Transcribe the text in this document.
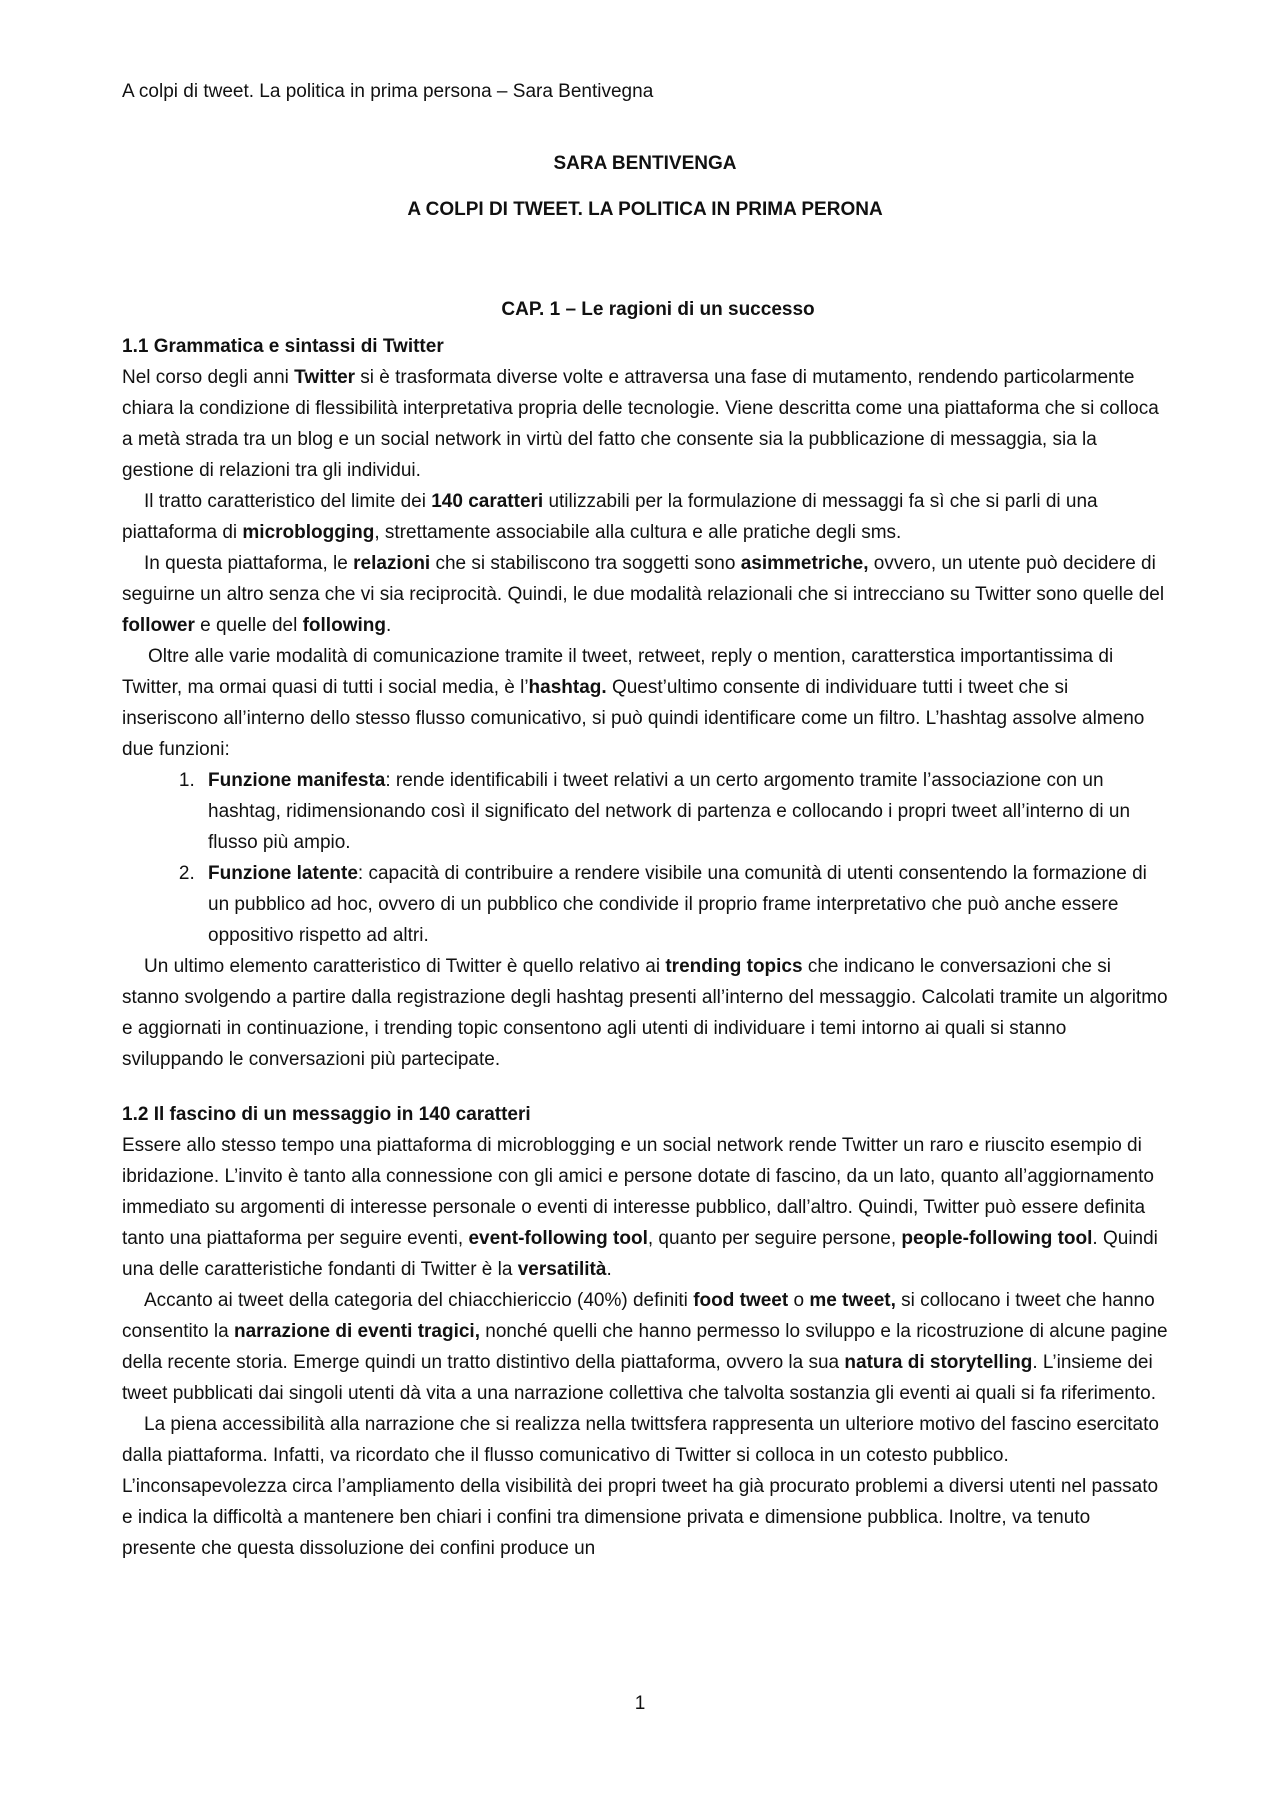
A colpi di tweet. La politica in prima persona – Sara Bentivegna

SARA BENTIVENGA

A COLPI DI TWEET. LA POLITICA IN PRIMA PERONA

CAP. 1 – Le ragioni di un successo

1.1 Grammatica e sintassi di Twitter

Nel corso degli anni Twitter si è trasformata diverse volte e attraversa una fase di mutamento, rendendo particolarmente chiara la condizione di flessibilità interpretativa propria delle tecnologie. Viene descritta come una piattaforma che si colloca a metà strada tra un blog e un social network in virtù del fatto che consente sia la pubblicazione di messaggia, sia la gestione di relazioni tra gli individui.

Il tratto caratteristico del limite dei 140 caratteri utilizzabili per la formulazione di messaggi fa sì che si parli di una piattaforma di microblogging, strettamente associabile alla cultura e alle pratiche degli sms.

In questa piattaforma, le relazioni che si stabiliscono tra soggetti sono asimmetriche, ovvero, un utente può decidere di seguirne un altro senza che vi sia reciprocità. Quindi, le due modalità relazionali che si intrecciano su Twitter sono quelle del follower e quelle del following.

Oltre alle varie modalità di comunicazione tramite il tweet, retweet, reply o mention, caratterstica importantissima di Twitter, ma ormai quasi di tutti i social media, è l’hashtag. Quest’ultimo consente di individuare tutti i tweet che si inseriscono all’interno dello stesso flusso comunicativo, si può quindi identificare come un filtro. L’hashtag assolve almeno due funzioni:

1. Funzione manifesta: rende identificabili i tweet relativi a un certo argomento tramite l’associazione con un hashtag, ridimensionando così il significato del network di partenza e collocando i propri tweet all’interno di un flusso più ampio.
2. Funzione latente: capacità di contribuire a rendere visibile una comunità di utenti consentendo la formazione di un pubblico ad hoc, ovvero di un pubblico che condivide il proprio frame interpretativo che può anche essere oppositivo rispetto ad altri.

Un ultimo elemento caratteristico di Twitter è quello relativo ai trending topics che indicano le conversazioni che si stanno svolgendo a partire dalla registrazione degli hashtag presenti all’interno del messaggio. Calcolati tramite un algoritmo e aggiornati in continuazione, i trending topic consentono agli utenti di individuare i temi intorno ai quali si stanno sviluppando le conversazioni più partecipate.

1.2 Il fascino di un messaggio in 140 caratteri

Essere allo stesso tempo una piattaforma di microblogging e un social network rende Twitter un raro e riuscito esempio di ibridazione. L’invito è tanto alla connessione con gli amici e persone dotate di fascino, da un lato, quanto all’aggiornamento immediato su argomenti di interesse personale o eventi di interesse pubblico, dall’altro. Quindi, Twitter può essere definita tanto una piattaforma per seguire eventi, event-following tool, quanto per seguire persone, people-following tool. Quindi una delle caratteristiche fondanti di Twitter è la versatilità.

Accanto ai tweet della categoria del chiacchiericcio (40%) definiti food tweet o me tweet, si collocano i tweet che hanno consentito la narrazione di eventi tragici, nonché quelli che hanno permesso lo sviluppo e la ricostruzione di alcune pagine della recente storia. Emerge quindi un tratto distintivo della piattaforma, ovvero la sua natura di storytelling. L’insieme dei tweet pubblicati dai singoli utenti dà vita a una narrazione collettiva che talvolta sostanzia gli eventi ai quali si fa riferimento.

La piena accessibilità alla narrazione che si realizza nella twittsfera rappresenta un ulteriore motivo del fascino esercitato dalla piattaforma. Infatti, va ricordato che il flusso comunicativo di Twitter si colloca in un cotesto pubblico. L’inconsapevolezza circa l’ampliamento della visibilità dei propri tweet ha già procurato problemi a diversi utenti nel passato e indica la difficoltà a mantenere ben chiari i confini tra dimensione privata e dimensione pubblica. Inoltre, va tenuto presente che questa dissoluzione dei confini produce un

1
